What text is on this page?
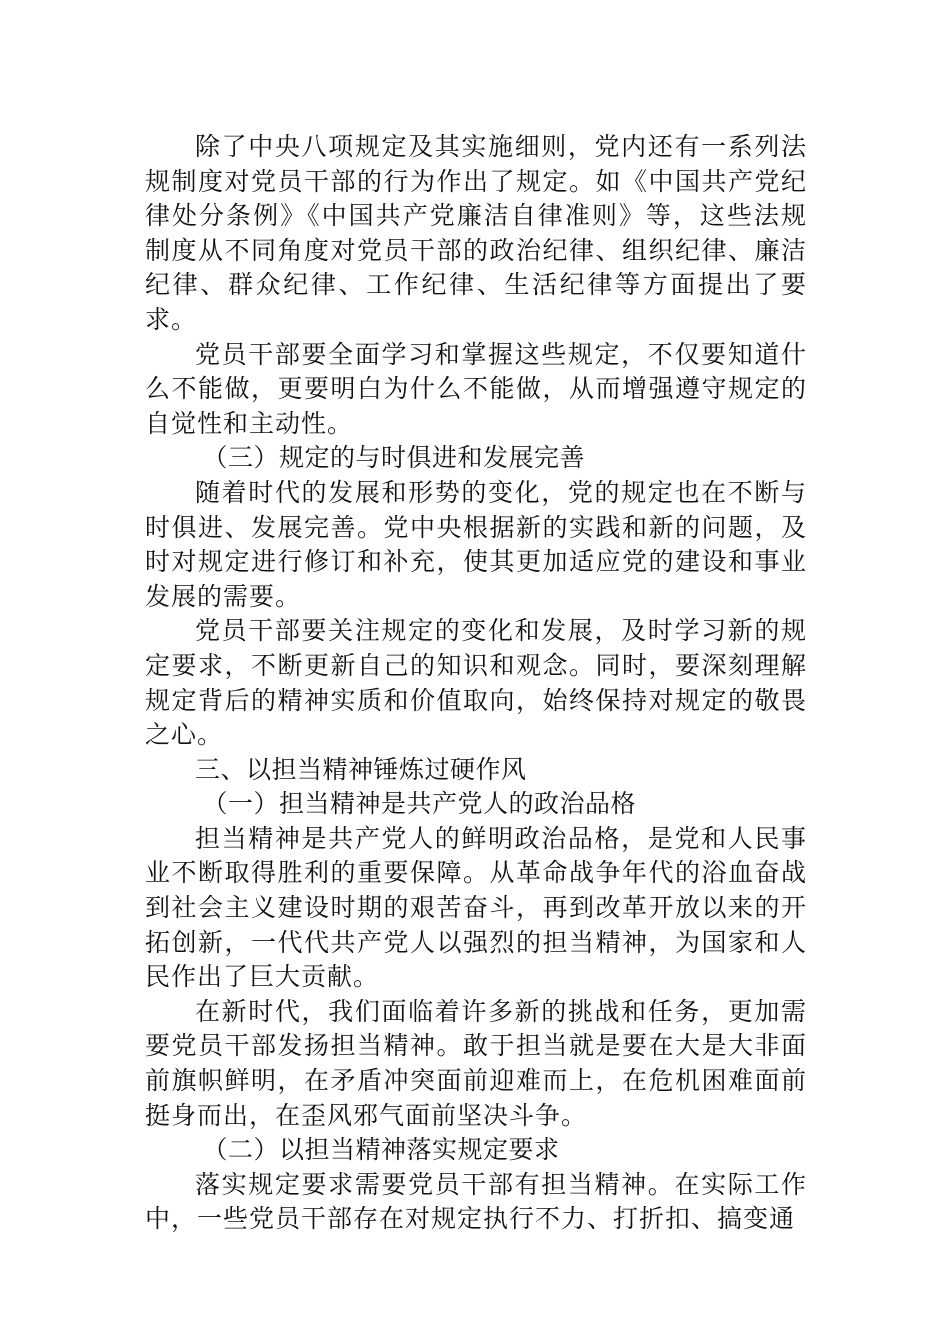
除了中央八项规定及其实施细则，党内还有一系列法规制度对党员干部的行为作出了规定。如《中国共产党纪律处分条例》《中国共产党廉洁自律准则》等，这些法规制度从不同角度对党员干部的政治纪律、组织纪律、廉洁纪律、群众纪律、工作纪律、生活纪律等方面提出了要求。

党员干部要全面学习和掌握这些规定，不仅要知道什么不能做，更要明白为什么不能做，从而增强遵守规定的自觉性和主动性。

（三）规定的与时俱进和发展完善

随着时代的发展和形势的变化，党的规定也在不断与时俱进、发展完善。党中央根据新的实践和新的问题，及时对规定进行修订和补充，使其更加适应党的建设和事业发展的需要。

党员干部要关注规定的变化和发展，及时学习新的规定要求，不断更新自己的知识和观念。同时，要深刻理解规定背后的精神实质和价值取向，始终保持对规定的敬畏之心。

三、以担当精神锤炼过硬作风

（一）担当精神是共产党人的政治品格

担当精神是共产党人的鲜明政治品格，是党和人民事业不断取得胜利的重要保障。从革命战争年代的浴血奋战到社会主义建设时期的艰苦奋斗，再到改革开放以来的开拓创新，一代代共产党人以强烈的担当精神，为国家和人民作出了巨大贡献。

在新时代，我们面临着许多新的挑战和任务，更加需要党员干部发扬担当精神。敢于担当就是要在大是大非面前旗帜鲜明，在矛盾冲突面前迎难而上，在危机困难面前挺身而出，在歪风邪气面前坚决斗争。

（二）以担当精神落实规定要求

落实规定要求需要党员干部有担当精神。在实际工作中，一些党员干部存在对规定执行不力、打折扣、搞变通
